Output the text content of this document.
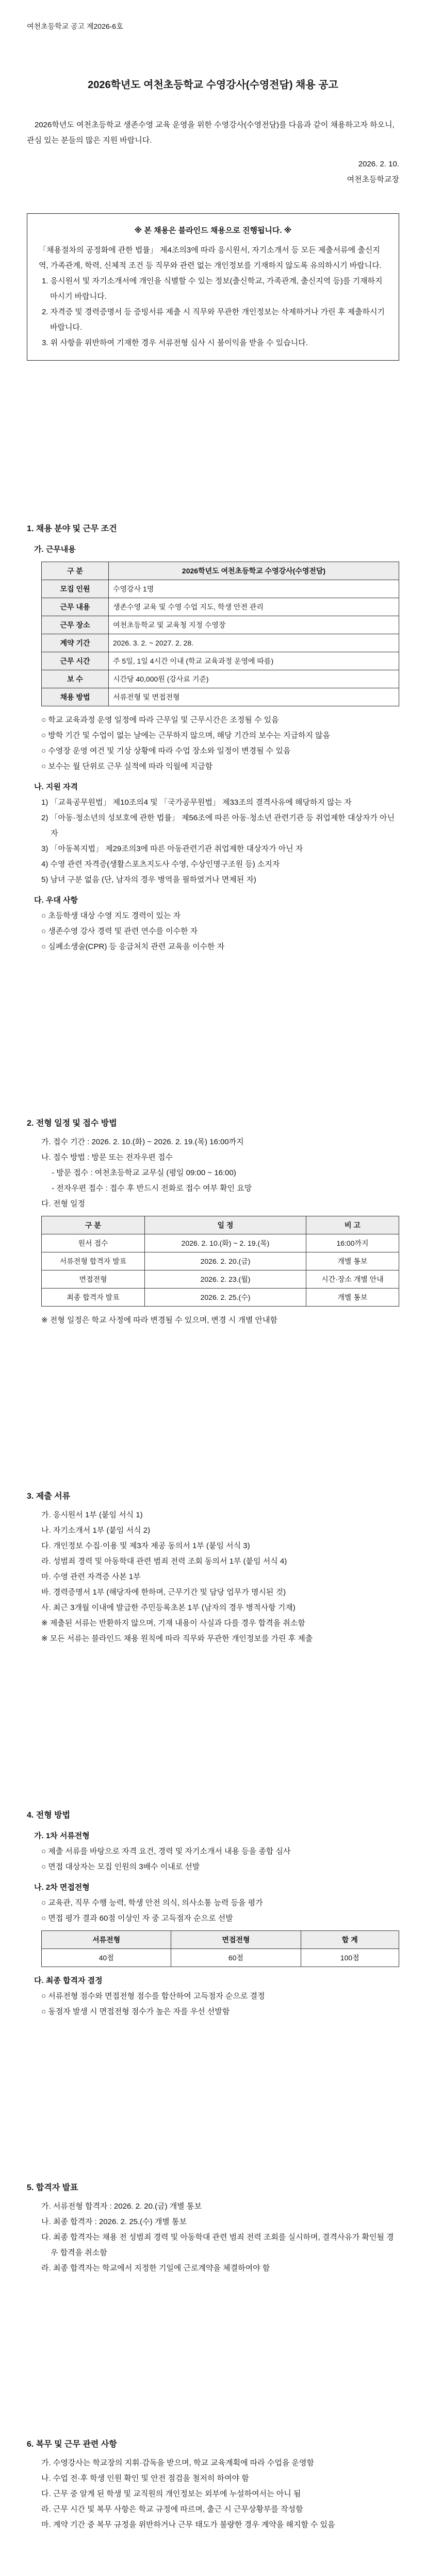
여천초등학교 공고 제2026-6호
2026학년도 여천초등학교 수영강사(수영전담) 채용 공고

2026학년도 여천초등학교 생존수영 교육 운영을 위한 수영강사(수영전담)를 다음과 같이 채용하고자 하오니, 관심 있는 분들의 많은 지원 바랍니다.

2026. 2. 10.
여천초등학교장
※ 본 채용은 블라인드 채용으로 진행됩니다. ※

「채용절차의 공정화에 관한 법률」 제4조의3에 따라 응시원서, 자기소개서 등 모든 제출서류에 출신지역, 가족관계, 학력, 신체적 조건 등 직무와 관련 없는 개인정보를 기재하지 않도록 유의하시기 바랍니다.

1. 응시원서 및 자기소개서에 개인을 식별할 수 있는 정보(출신학교, 가족관계, 출신지역 등)를 기재하지 마시기 바랍니다.

2. 자격증 및 경력증명서 등 증빙서류 제출 시 직무와 무관한 개인정보는 삭제하거나 가린 후 제출하시기 바랍니다.

3. 위 사항을 위반하여 기재한 경우 서류전형 심사 시 불이익을 받을 수 있습니다.

1. 채용 분야 및 근무 조건
가. 근무내용
구 분	2026학년도 여천초등학교 수영강사(수영전담)
모집 인원	수영강사 1명
근무 내용	생존수영 교육 및 수영 수업 지도, 학생 안전 관리
근무 장소	여천초등학교 및 교육청 지정 수영장
계약 기간	2026. 3. 2. ~ 2027. 2. 28.
근무 시간	주 5일, 1일 4시간 이내 (학교 교육과정 운영에 따름)
보 수	시간당 40,000원 (강사료 기준)
채용 방법	서류전형 및 면접전형

○ 학교 교육과정 운영 일정에 따라 근무일 및 근무시간은 조정될 수 있음

○ 방학 기간 및 수업이 없는 날에는 근무하지 않으며, 해당 기간의 보수는 지급하지 않음

○ 수영장 운영 여건 및 기상 상황에 따라 수업 장소와 일정이 변경될 수 있음

○ 보수는 월 단위로 근무 실적에 따라 익월에 지급함

나. 지원 자격

1) 「교육공무원법」 제10조의4 및 「국가공무원법」 제33조의 결격사유에 해당하지 않는 자

2) 「아동·청소년의 성보호에 관한 법률」 제56조에 따른 아동·청소년 관련기관 등 취업제한 대상자가 아닌 자

3) 「아동복지법」 제29조의3에 따른 아동관련기관 취업제한 대상자가 아닌 자

4) 수영 관련 자격증(생활스포츠지도사 수영, 수상인명구조원 등) 소지자

5) 남녀 구분 없음 (단, 남자의 경우 병역을 필하였거나 면제된 자)

다. 우대 사항

○ 초등학생 대상 수영 지도 경력이 있는 자

○ 생존수영 강사 경력 및 관련 연수를 이수한 자

○ 심폐소생술(CPR) 등 응급처치 관련 교육을 이수한 자

2. 전형 일정 및 접수 방법

가. 접수 기간 : 2026. 2. 10.(화) ~ 2026. 2. 19.(목) 16:00까지

나. 접수 방법 : 방문 또는 전자우편 접수

- 방문 접수 : 여천초등학교 교무실 (평일 09:00 ~ 16:00)

- 전자우편 접수 : 접수 후 반드시 전화로 접수 여부 확인 요망

다. 전형 일정

구 분	일 정	비 고
원서 접수	2026. 2. 10.(화) ~ 2. 19.(목)	16:00까지
서류전형 합격자 발표	2026. 2. 20.(금)	개별 통보
면접전형	2026. 2. 23.(월)	시간·장소 개별 안내
최종 합격자 발표	2026. 2. 25.(수)	개별 통보

※ 전형 일정은 학교 사정에 따라 변경될 수 있으며, 변경 시 개별 안내함

3. 제출 서류

가. 응시원서 1부 (붙임 서식 1)

나. 자기소개서 1부 (붙임 서식 2)

다. 개인정보 수집·이용 및 제3자 제공 동의서 1부 (붙임 서식 3)

라. 성범죄 경력 및 아동학대 관련 범죄 전력 조회 동의서 1부 (붙임 서식 4)

마. 수영 관련 자격증 사본 1부

바. 경력증명서 1부 (해당자에 한하며, 근무기간 및 담당 업무가 명시된 것)

사. 최근 3개월 이내에 발급한 주민등록초본 1부 (남자의 경우 병적사항 기재)

※ 제출된 서류는 반환하지 않으며, 기재 내용이 사실과 다를 경우 합격을 취소함

※ 모든 서류는 블라인드 채용 원칙에 따라 직무와 무관한 개인정보를 가린 후 제출

4. 전형 방법
가. 1차 서류전형

○ 제출 서류를 바탕으로 자격 요건, 경력 및 자기소개서 내용 등을 종합 심사

○ 면접 대상자는 모집 인원의 3배수 이내로 선발

나. 2차 면접전형

○ 교육관, 직무 수행 능력, 학생 안전 의식, 의사소통 능력 등을 평가

○ 면접 평가 결과 60점 이상인 자 중 고득점자 순으로 선발

서류전형	면접전형	합 계
40점	60점	100점
다. 최종 합격자 결정

○ 서류전형 점수와 면접전형 점수를 합산하여 고득점자 순으로 결정

○ 동점자 발생 시 면접전형 점수가 높은 자를 우선 선발함

5. 합격자 발표

가. 서류전형 합격자 : 2026. 2. 20.(금) 개별 통보

나. 최종 합격자 : 2026. 2. 25.(수) 개별 통보

다. 최종 합격자는 채용 전 성범죄 경력 및 아동학대 관련 범죄 전력 조회를 실시하며, 결격사유가 확인될 경우 합격을 취소함

라. 최종 합격자는 학교에서 지정한 기일에 근로계약을 체결하여야 함

6. 복무 및 근무 관련 사항

가. 수영강사는 학교장의 지휘·감독을 받으며, 학교 교육계획에 따라 수업을 운영함

나. 수업 전·후 학생 인원 확인 및 안전 점검을 철저히 하여야 함

다. 근무 중 알게 된 학생 및 교직원의 개인정보는 외부에 누설하여서는 아니 됨

라. 근무 시간 및 복무 사항은 학교 규정에 따르며, 출근 시 근무상황부를 작성함

마. 계약 기간 중 복무 규정을 위반하거나 근무 태도가 불량한 경우 계약을 해지할 수 있음
